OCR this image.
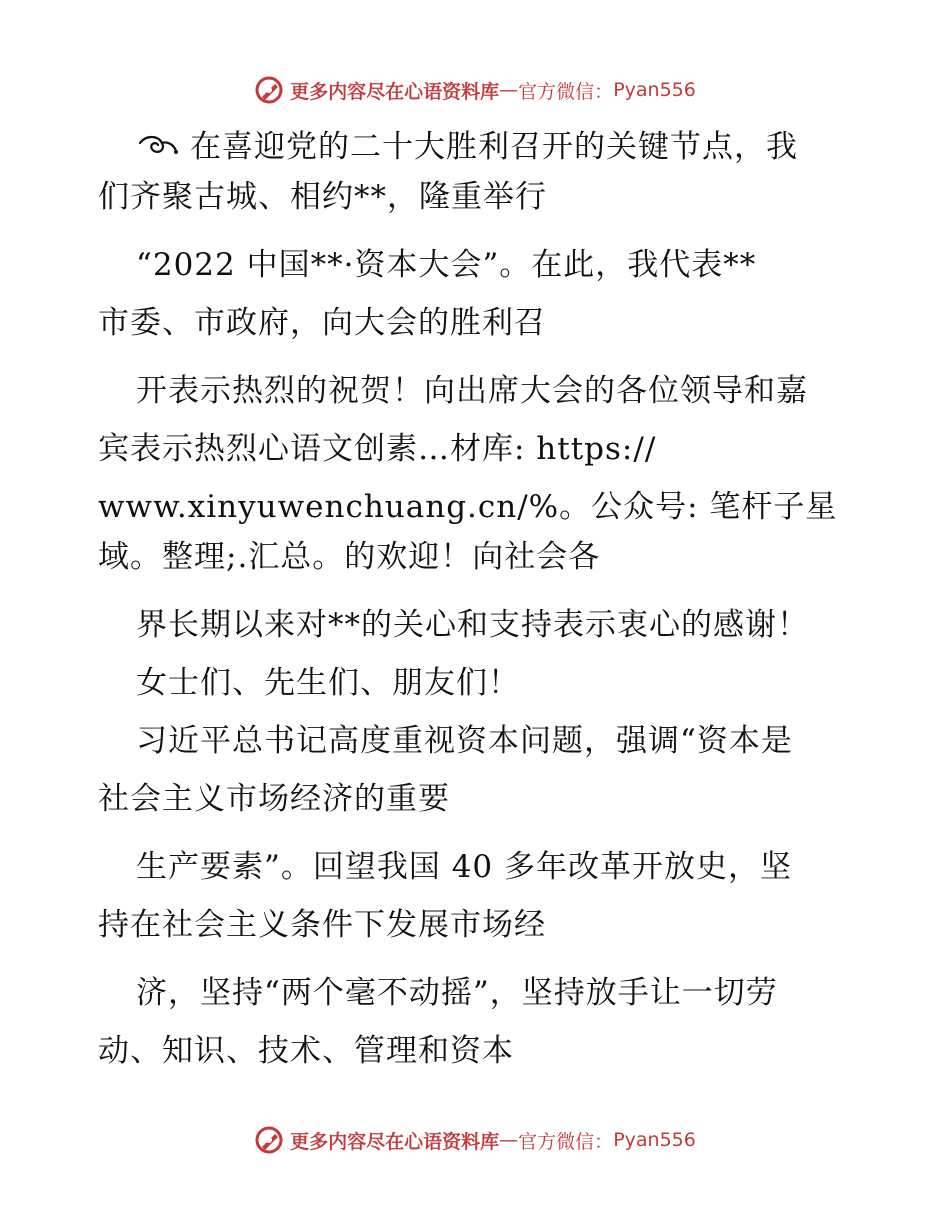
更多内容尽在心语资料库 — 官方微信： Pyan556
在喜迎党的二十大胜利召开的关键节点，我
们齐聚古城、相约**，隆重举行
“2022 中国**·资本大会”。在此，我代表**
市委、市政府，向大会的胜利召
开表示热烈的祝贺！向出席大会的各位领导和嘉
宾表示热烈心语文创素…材库: https://
www.xinyuwenchuang.cn/%。公众号: 笔杆子星
域。整理;.汇总。的欢迎！向社会各
界长期以来对**的关心和支持表示衷心的感谢！
女士们、先生们、朋友们！
习近平总书记高度重视资本问题，强调“资本是
社会主义市场经济的重要
生产要素”。回望我国 40 多年改革开放史，坚
持在社会主义条件下发展市场经
济，坚持“两个毫不动摇”，坚持放手让一切劳
动、知识、技术、管理和资本
更多内容尽在心语资料库 — 官方微信： Pyan556
